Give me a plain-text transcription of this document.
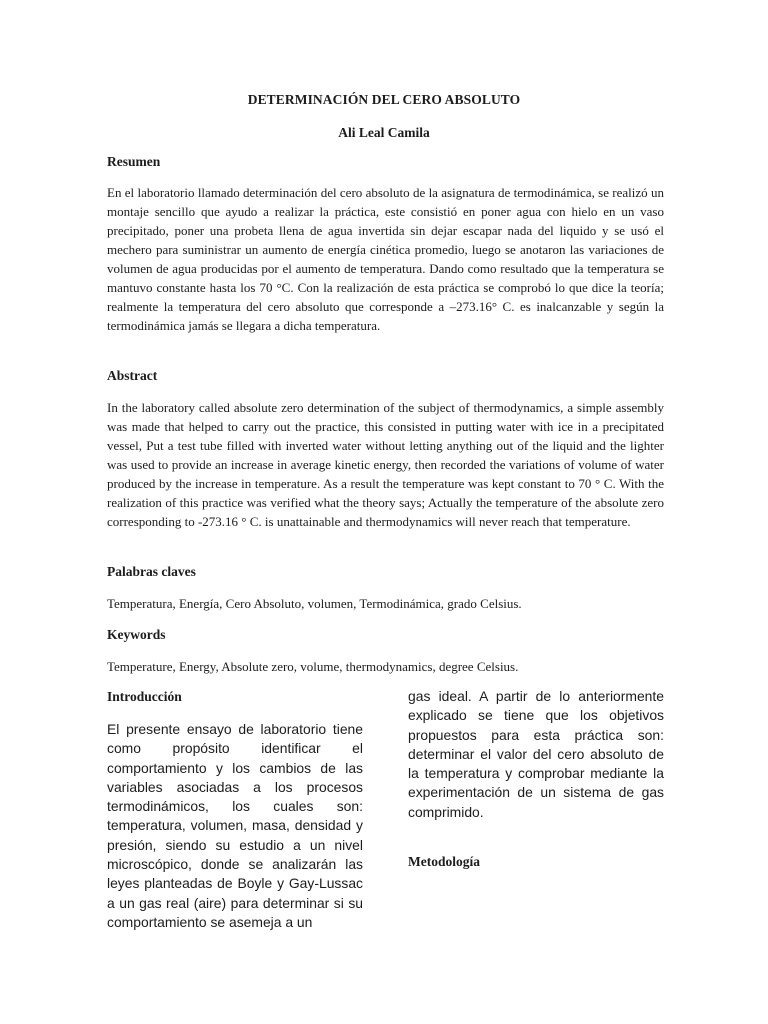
DETERMINACIÓN DEL CERO ABSOLUTO
Ali Leal Camila
Resumen
En el laboratorio llamado determinación del cero absoluto de la asignatura de termodinámica, se realizó un montaje sencillo que ayudo a realizar la práctica, este consistió en poner agua con hielo en un vaso precipitado, poner una probeta llena de agua invertida sin dejar escapar nada del liquido y se usó el mechero para suministrar un aumento de energía cinética promedio, luego se anotaron las variaciones de volumen de agua producidas por el aumento de temperatura. Dando como resultado que la temperatura se mantuvo constante hasta los 70 °C. Con la realización de esta práctica se comprobó lo que dice la teoría; realmente la temperatura del cero absoluto que corresponde a –273.16° C. es inalcanzable y según la termodinámica jamás se llegara a dicha temperatura.
Abstract
In the laboratory called absolute zero determination of the subject of thermodynamics, a simple assembly was made that helped to carry out the practice, this consisted in putting water with ice in a precipitated vessel, Put a test tube filled with inverted water without letting anything out of the liquid and the lighter was used to provide an increase in average kinetic energy, then recorded the variations of volume of water produced by the increase in temperature. As a result the temperature was kept constant to 70 ° C. With the realization of this practice was verified what the theory says; Actually the temperature of the absolute zero corresponding to -273.16 ° C. is unattainable and thermodynamics will never reach that temperature.
Palabras claves
Temperatura, Energía, Cero Absoluto, volumen, Termodinámica, grado Celsius.
Keywords
Temperature, Energy, Absolute zero, volume, thermodynamics, degree Celsius.
Introducción
El presente ensayo de laboratorio tiene como propósito identificar el comportamiento y los cambios de las variables asociadas a los procesos termodinámicos, los cuales son: temperatura, volumen, masa, densidad y presión, siendo su estudio a un nivel microscópico, donde se analizarán las leyes planteadas de Boyle y Gay-Lussac a un gas real (aire) para determinar si su comportamiento se asemeja a un
gas ideal. A partir de lo anteriormente explicado se tiene que los objetivos propuestos para esta práctica son: determinar el valor del cero absoluto de la temperatura y comprobar mediante la experimentación de un sistema de gas comprimido.
Metodología
